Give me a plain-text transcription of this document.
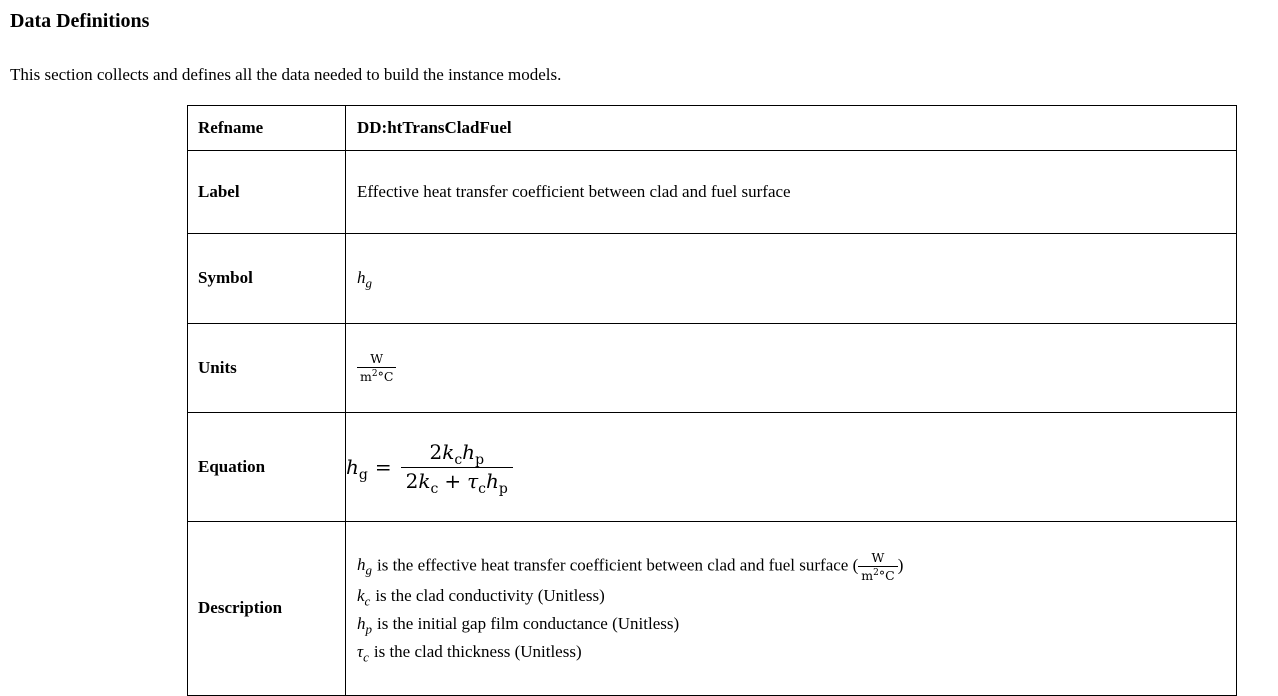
Data Definitions

This section collects and defines all the data needed to build the instance models.

Refname	DD:htTransCladFuel
Label	Effective heat transfer coefficient between clad and fuel surface
Symbol	$h_g$
Units	$\frac{W}{m^2^\circ C}$

Equation	$h_g = \frac{2k_ch_p}{2k_c + \tau_ch_p}$

Description	
$h_g$ is the effective heat transfer coefficient between clad and fuel surface ( $\frac{W}{m^2^\circ C}$ )
$k_c$ is the clad conductivity (Unitless)
$h_p$ is the initial gap film conductance (Unitless)
$\tau_c$ is the clad thickness (Unitless)
